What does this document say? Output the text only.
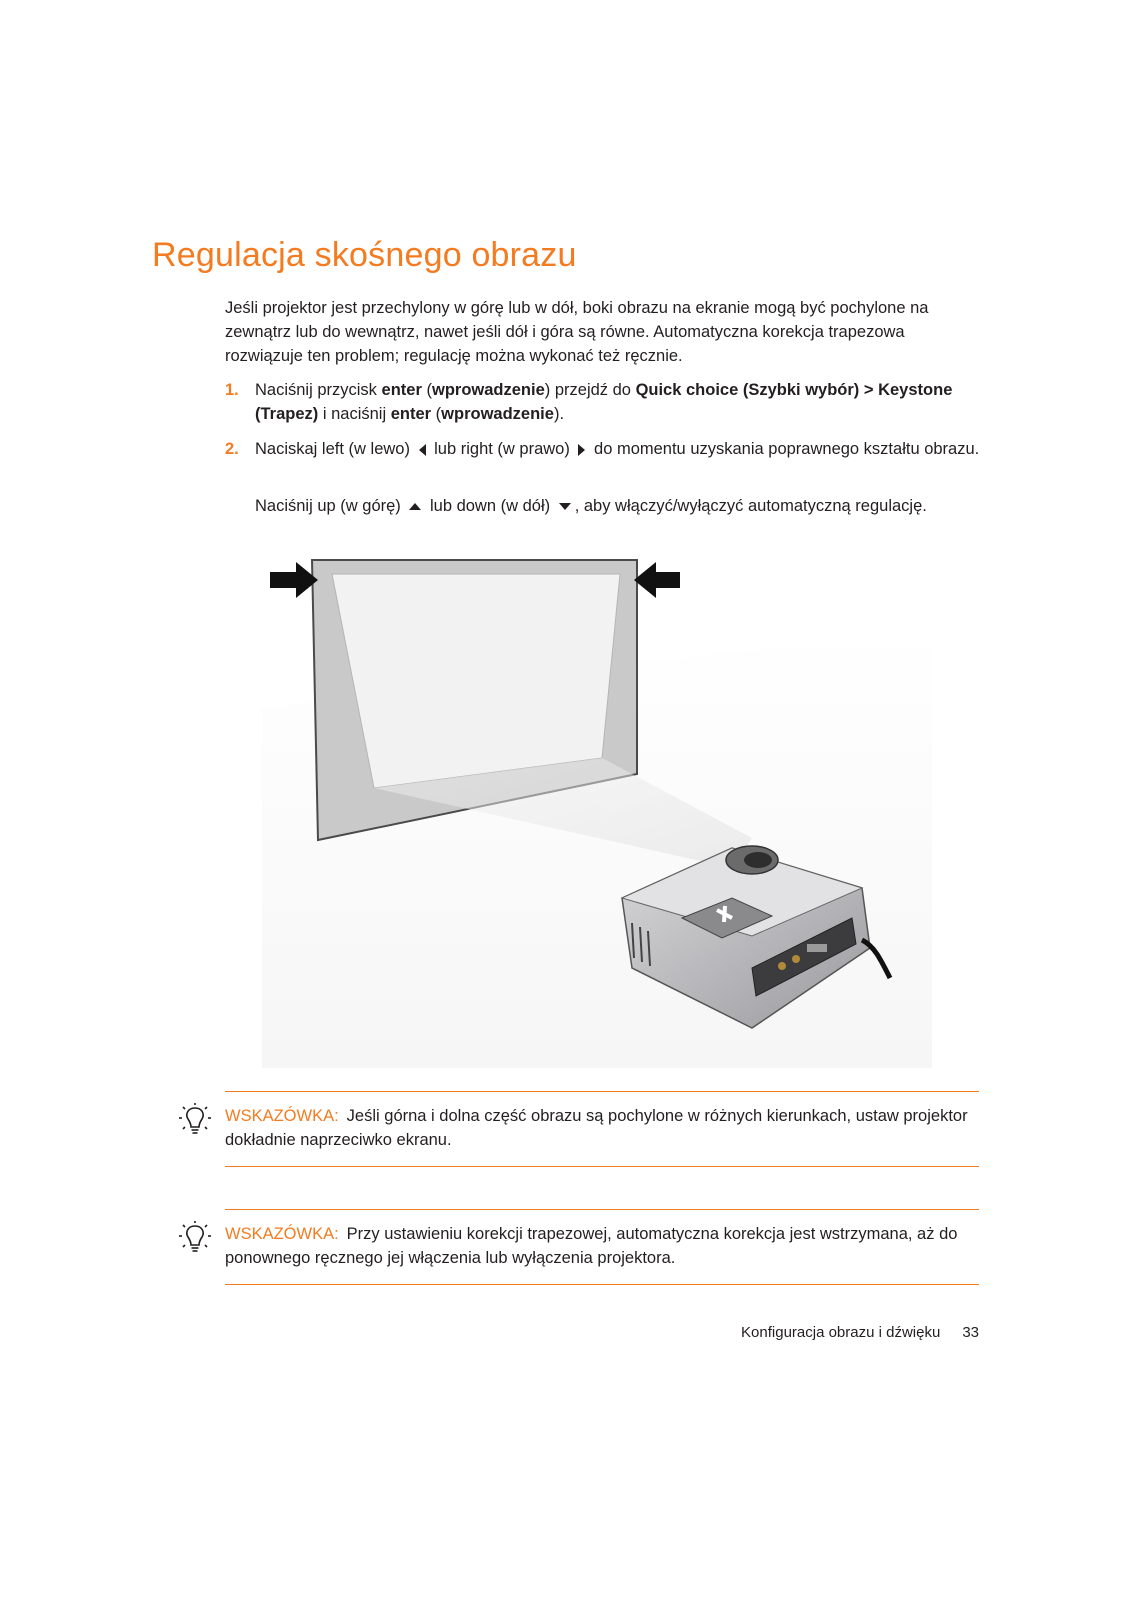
Regulacja skośnego obrazu

Jeśli projektor jest przechylony w górę lub w dół, boki obrazu na ekranie mogą być pochylone na zewnątrz lub do wewnątrz, nawet jeśli dół i góra są równe. Automatyczna korekcja trapezowa rozwiązuje ten problem; regulację można wykonać też ręcznie.

1. Naciśnij przycisk enter (wprowadzenie) przejdź do Quick choice (Szybki wybór) > Keystone (Trapez) i naciśnij enter (wprowadzenie).
2. Naciskaj left (w lewo)  lub right (w prawo)  do momentu uzyskania poprawnego kształtu obrazu.
Naciśnij up (w górę)  lub down (w dół) , aby włączyć/wyłączyć automatyczną regulację.
WSKAZÓWKA: Jeśli górna i dolna część obrazu są pochylone w różnych kierunkach, ustaw projektor dokładnie naprzeciwko ekranu.
WSKAZÓWKA: Przy ustawieniu korekcji trapezowej, automatyczna korekcja jest wstrzymana, aż do ponownego ręcznego jej włączenia lub wyłączenia projektora.
Konfiguracja obrazu i dźwięku 33
